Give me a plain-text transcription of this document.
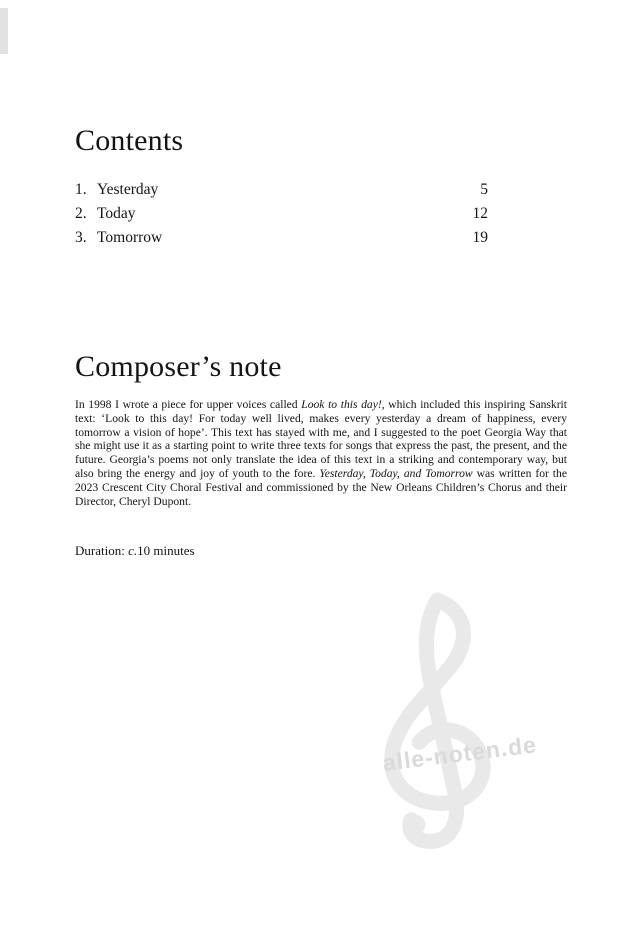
Contents
1. Yesterday	5
2. Today	12
3. Tomorrow	19
Composer’s note

In 1998 I wrote a piece for upper voices called Look to this day!, which included this inspiring Sanskrit text: ‘Look to this day! For today well lived, makes every yesterday a dream of happiness, every tomorrow a vision of hope’. This text has stayed with me, and I suggested to the poet Georgia Way that she might use it as a starting point to write three texts for songs that express the past, the present, and the future. Georgia’s poems not only translate the idea of this text in a striking and contemporary way, but also bring the energy and joy of youth to the fore. Yesterday, Today, and Tomorrow was written for the 2023 Crescent City Choral Festival and commissioned by the New Orleans Children’s Chorus and their Director, Cheryl Dupont.

Duration: c.10 minutes
alle-noten.de
